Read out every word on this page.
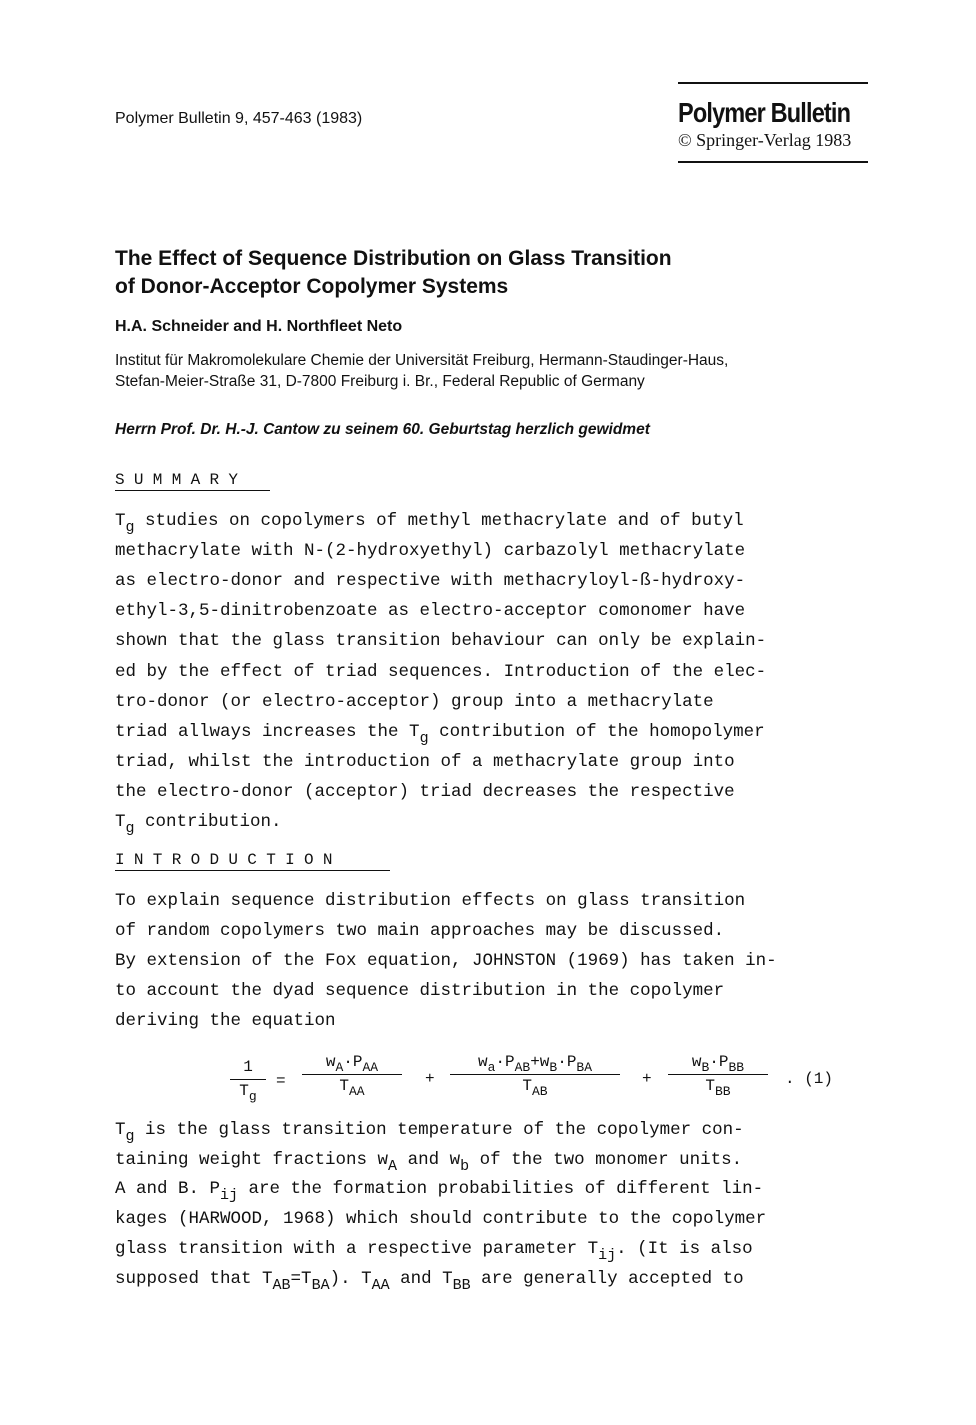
Polymer Bulletin 9, 457-463 (1983)	Polymer Bulletin
© Springer-Verlag 1983
The Effect of Sequence Distribution on Glass Transition
of Donor-Acceptor Copolymer Systems
H.A. Schneider and H. Northfleet Neto
Institut für Makromolekulare Chemie der Universität Freiburg, Hermann-Staudinger-Haus,
Stefan-Meier-Straße 31, D-7800 Freiburg i. Br., Federal Republic of Germany
Herrn Prof. Dr. H.-J. Cantow zu seinem 60. Geburtstag herzlich gewidmet
SUMMARY
Tg studies on copolymers of methyl methacrylate and of butyl
methacrylate with N-(2-hydroxyethyl) carbazolyl methacrylate
as electro-donor and respective with methacryloyl-ß-hydroxy-
ethyl-3,5-dinitrobenzoate as electro-acceptor comonomer have
shown that the glass transition behaviour can only be explain-
ed by the effect of triad sequences. Introduction of the elec-
tro-donor (or electro-acceptor) group into a methacrylate
triad allways increases the Tg contribution of the homopolymer
triad, whilst the introduction of a methacrylate group into
the electro-donor (acceptor) triad decreases the respective
Tg contribution.
INTRODUCTION
To explain sequence distribution effects on glass transition
of random copolymers two main approaches may be discussed.
By extension of the Fox equation, JOHNSTON (1969) has taken in-
to account the dyad sequence distribution in the copolymer
deriving the equation
1
$T_g$
=
$w_A\cdot P_{AA}$
$T_{AA}$
+
$w_a\cdot P_{AB}+w_B\cdot P_{BA}$
$T_{AB}$
+
$w_B\cdot P_{BB}$
$T_{BB}$
. (1)
Tg is the glass transition temperature of the copolymer con-
taining weight fractions wA and wb of the two monomer units.
A and B. Pij are the formation probabilities of different lin-
kages (HARWOOD, 1968) which should contribute to the copolymer
glass transition with a respective parameter Tij. (It is also
supposed that TAB=TBA). TAA and TBB are generally accepted to
